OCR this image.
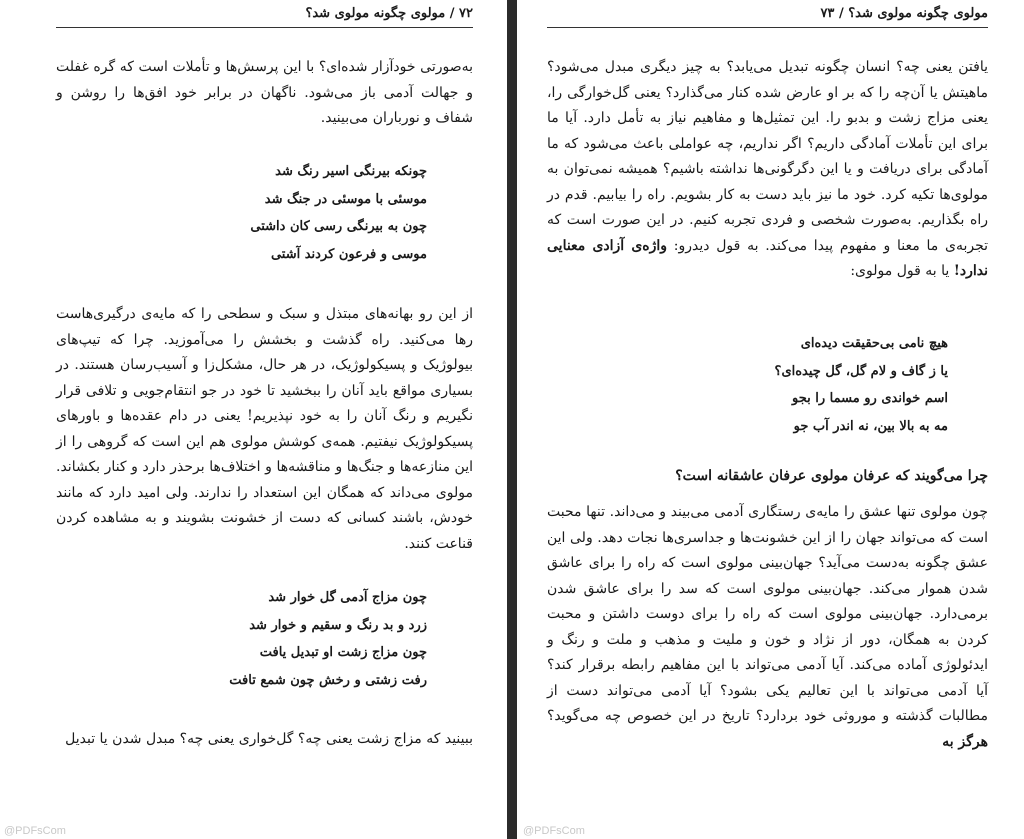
۷۲ / مولوی چگونه مولوی شد؟

به‌صورتی خودآزار شده‌ای؟ با این پرسش‌ها و تأملات است که گره غفلت و جهالت آدمی باز می‌شود. ناگهان در برابر خود افق‌ها را روشن و شفاف و نورباران می‌بینید.

چونکه بیرنگی اسیر رنگ شد
موسئی با موسئی در جنگ شد
چون به بیرنگی رسی کان داشتی
موسی و فرعون کردند آشتی

از این رو بهانه‌های مبتذل و سبک و سطحی را که مایه‌ی درگیری‌هاست رها می‌کنید. راه گذشت و بخشش را می‌آموزید. چرا که تیپ‌های بیولوژیک و پسیکولوژیک، در هر حال، مشکل‌زا و آسیب‌رسان هستند. در بسیاری مواقع باید آنان را ببخشید تا خود در جو انتقام‌جویی و تلافی قرار نگیریم و رنگ آنان را به خود نپذیریم! یعنی در دام عقده‌ها و باورهای پسیکولوژیک نیفتیم. همه‌ی کوشش مولوی هم این است که گروهی را از این منازعه‌ها و جنگ‌ها و مناقشه‌ها و اختلاف‌ها برحذر دارد و کنار بکشاند. مولوی می‌داند که همگان این استعداد را ندارند. ولی امید دارد که مانند خودش، باشند کسانی که دست از خشونت بشویند و به مشاهده کردن قناعت کنند.

چون مزاج آدمی گل خوار شد
زرد و بد رنگ و سقیم و خوار شد
چون مزاج زشت او تبدیل یافت
رفت زشتی و رخش چون شمع تافت

ببینید که مزاج زشت یعنی چه؟ گل‌خواری یعنی چه؟ مبدل شدن یا تبدیل

@PDFsCom
مولوی چگونه مولوی شد؟ / ۷۳

یافتن یعنی چه؟ انسان چگونه تبدیل می‌یابد؟ به چیز دیگری مبدل می‌شود؟ ماهیتش یا آن‌چه را که بر او عارض شده کنار می‌گذارد؟ یعنی گل‌خوارگی را، یعنی مزاج زشت و بدبو را. این تمثیل‌ها و مفاهیم نیاز به تأمل دارد. آیا ما برای این تأملات آمادگی داریم؟ اگر نداریم، چه عواملی باعث می‌شود که ما آمادگی برای دریافت و یا این دگرگونی‌ها نداشته باشیم؟ همیشه نمی‌توان به مولوی‌ها تکیه کرد. خود ما نیز باید دست به کار بشویم. راه را بیابیم. قدم در راه بگذاریم. به‌صورت شخصی و فردی تجربه کنیم. در این صورت است که تجربه‌ی ما معنا و مفهوم پیدا می‌کند. به قول دیدرو: واژه‌ی آزادی معنایی ندارد! یا به قول مولوی:

هیچ نامی بی‌حقیقت دیده‌ای
یا ز گاف و لام گل، گل چیده‌ای؟
اسم خواندی رو مسما را بجو
مه به بالا بین، نه اندر آب جو
چرا می‌گویند که عرفان مولوی عرفان عاشقانه است؟

چون مولوی تنها عشق را مایه‌ی رستگاری آدمی می‌بیند و می‌داند. تنها محبت است که می‌تواند جهان را از این خشونت‌ها و جداسری‌ها نجات دهد. ولی این عشق چگونه به‌دست می‌آید؟ جهان‌بینی مولوی است که راه را برای عاشق شدن هموار می‌کند. جهان‌بینی مولوی است که سد را برای عاشق شدن برمی‌دارد. جهان‌بینی مولوی است که راه را برای دوست داشتن و محبت کردن به همگان، دور از نژاد و خون و ملیت و مذهب و ملت و رنگ و ایدئولوژی آماده می‌کند. آیا آدمی می‌تواند با این مفاهیم رابطه برقرار کند؟ آیا آدمی می‌تواند با این تعالیم یکی بشود؟ آیا آدمی می‌تواند دست از مطالبات گذشته و موروثی خود بردارد؟ تاریخ در این خصوص چه می‌گوید؟ هرگز به

@PDFsCom
